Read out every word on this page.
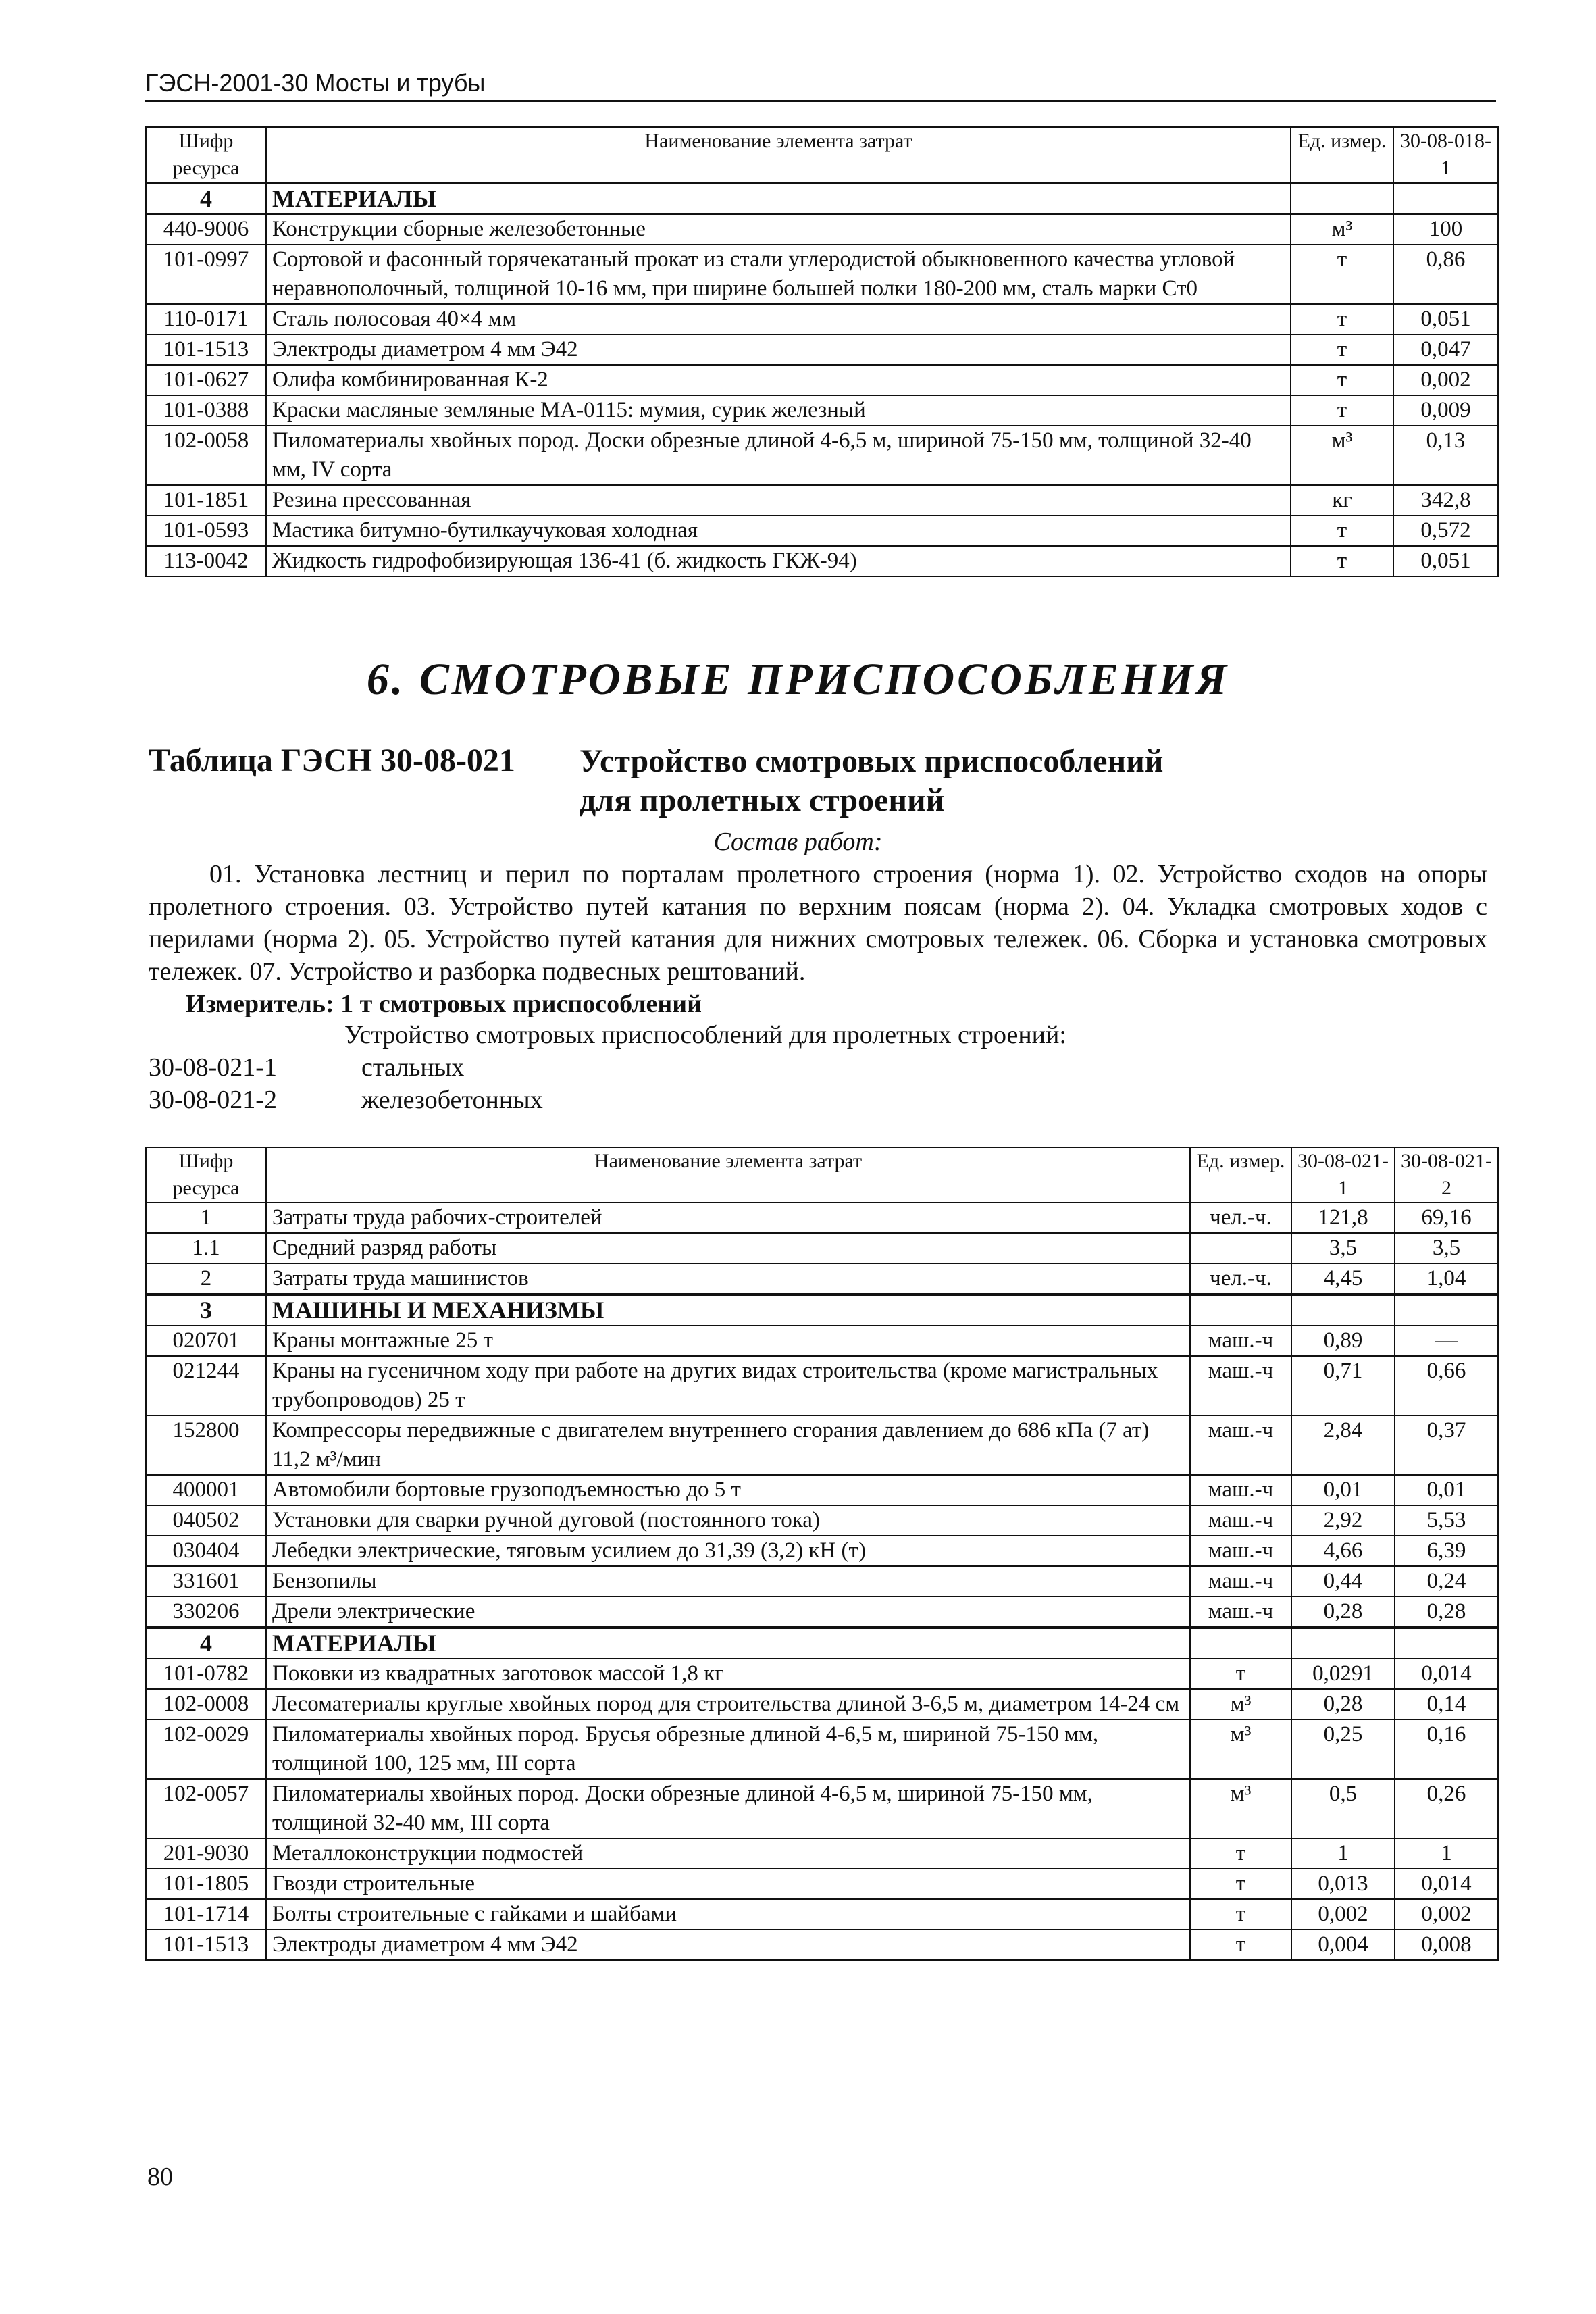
ГЭСН-2001-30 Мосты и трубы
Шифр ресурса	Наименование элемента затрат	Ед. измер.	30-08-018-1
4	МАТЕРИАЛЫ		
440-9006	Конструкции сборные железобетонные	м³	100
101-0997	Сортовой и фасонный горячекатаный прокат из стали углеродистой обыкновенного качества угловой неравнополочный, толщиной 10-16 мм, при ширине большей полки 180-200 мм, сталь марки Ст0	т	0,86
110-0171	Сталь полосовая 40×4 мм	т	0,051
101-1513	Электроды диаметром 4 мм Э42	т	0,047
101-0627	Олифа комбинированная К-2	т	0,002
101-0388	Краски масляные земляные МА-0115: мумия, сурик железный	т	0,009
102-0058	Пиломатериалы хвойных пород. Доски обрезные длиной 4-6,5 м, шириной 75-150 мм, толщиной 32-40 мм, IV сорта	м³	0,13
101-1851	Резина прессованная	кг	342,8
101-0593	Мастика битумно-бутилкаучуковая холодная	т	0,572
113-0042	Жидкость гидрофобизирующая 136-41 (б. жидкость ГКЖ-94)	т	0,051
6. СМОТРОВЫЕ ПРИСПОСОБЛЕНИЯ
Таблица ГЭСН 30-08-021 Устройство смотровых приспособлений
для пролетных строений
Состав работ:
01. Установка лестниц и перил по порталам пролетного строения (норма 1). 02. Устройство сходов на опоры пролетного строения. 03. Устройство путей катания по верхним поясам (норма 2). 04. Укладка смотровых ходов с перилами (норма 2). 05. Устройство путей катания для нижних смотровых тележек. 06. Сборка и установка смотровых тележек. 07. Устройство и разборка подвесных рештований.
Измеритель: 1 т смотровых приспособлений
Устройство смотровых приспособлений для пролетных строений:
30-08-021-1	стальных
30-08-021-2	железобетонных
Шифр ресурса	Наименование элемента затрат	Ед. измер.	30-08-021-1	30-08-021-2
1	Затраты труда рабочих-строителей	чел.-ч.	121,8	69,16
1.1	Средний разряд работы		3,5	3,5
2	Затраты труда машинистов	чел.-ч.	4,45	1,04
3	МАШИНЫ И МЕХАНИЗМЫ			
020701	Краны монтажные 25 т	маш.-ч	0,89	—
021244	Краны на гусеничном ходу при работе на других видах строительства (кроме магистральных трубопроводов) 25 т	маш.-ч	0,71	0,66
152800	Компрессоры передвижные с двигателем внутреннего сгорания давлением до 686 кПа (7 ат) 11,2 м³/мин	маш.-ч	2,84	0,37
400001	Автомобили бортовые грузоподъемностью до 5 т	маш.-ч	0,01	0,01
040502	Установки для сварки ручной дуговой (постоянного тока)	маш.-ч	2,92	5,53
030404	Лебедки электрические, тяговым усилием до 31,39 (3,2) кН (т)	маш.-ч	4,66	6,39
331601	Бензопилы	маш.-ч	0,44	0,24
330206	Дрели электрические	маш.-ч	0,28	0,28
4	МАТЕРИАЛЫ			
101-0782	Поковки из квадратных заготовок массой 1,8 кг	т	0,0291	0,014
102-0008	Лесоматериалы круглые хвойных пород для строительства длиной 3-6,5 м, диаметром 14-24 см	м³	0,28	0,14
102-0029	Пиломатериалы хвойных пород. Брусья обрезные длиной 4-6,5 м, шириной 75-150 мм, толщиной 100, 125 мм, III сорта	м³	0,25	0,16
102-0057	Пиломатериалы хвойных пород. Доски обрезные длиной 4-6,5 м, шириной 75-150 мм, толщиной 32-40 мм, III сорта	м³	0,5	0,26
201-9030	Металлоконструкции подмостей	т	1	1
101-1805	Гвозди строительные	т	0,013	0,014
101-1714	Болты строительные с гайками и шайбами	т	0,002	0,002
101-1513	Электроды диаметром 4 мм Э42	т	0,004	0,008
80
